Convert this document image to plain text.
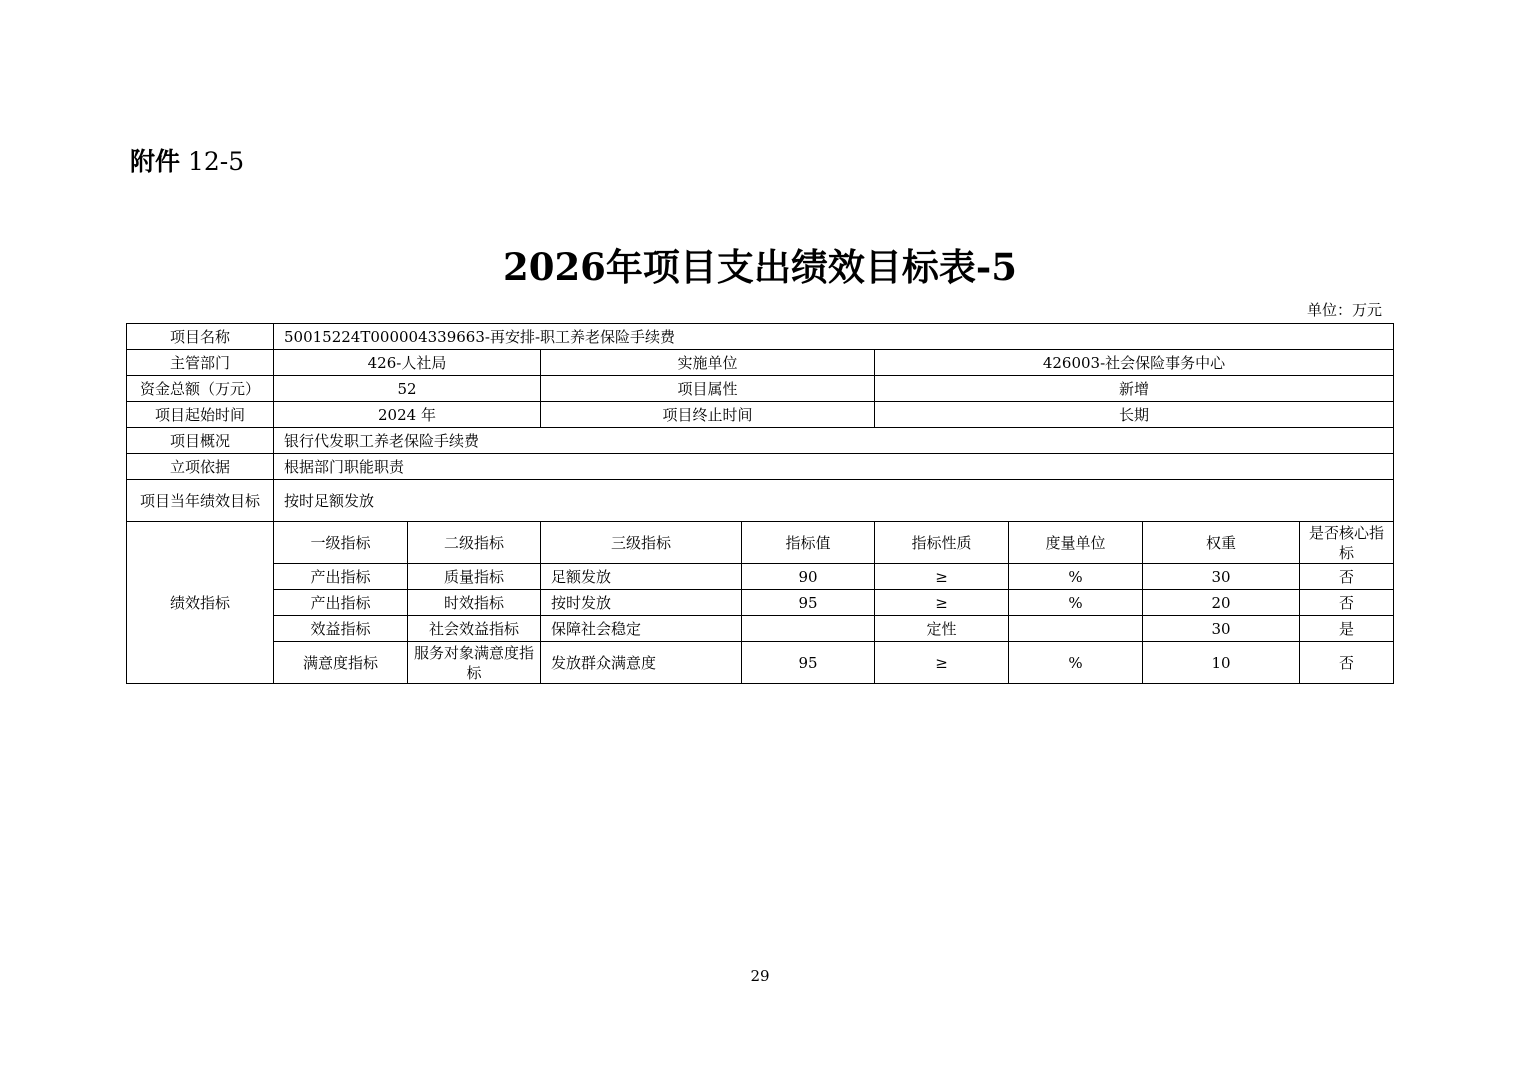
附件 12-5
2026年项目支出绩效目标表-5
单位：万元
项目名称	50015224T000004339663-再安排-职工养老保险手续费							
主管部门	426-人社局		实施单位		426003-社会保险事务中心			
资金总额（万元）	52		项目属性		新增			
项目起始时间	2024 年		项目终止时间		长期			
项目概况	银行代发职工养老保险手续费							
立项依据	根据部门职能职责							
项目当年绩效目标	按时足额发放							
绩效指标	一级指标	二级指标	三级指标	指标值	指标性质	度量单位	权重	是否核心指标
	产出指标	质量指标	足额发放	90	≥	%	30	否
	产出指标	时效指标	按时发放	95	≥	%	20	否
	效益指标	社会效益指标	保障社会稳定		定性		30	是
	满意度指标	服务对象满意度指标	发放群众满意度	95	≥	%	10	否
29
